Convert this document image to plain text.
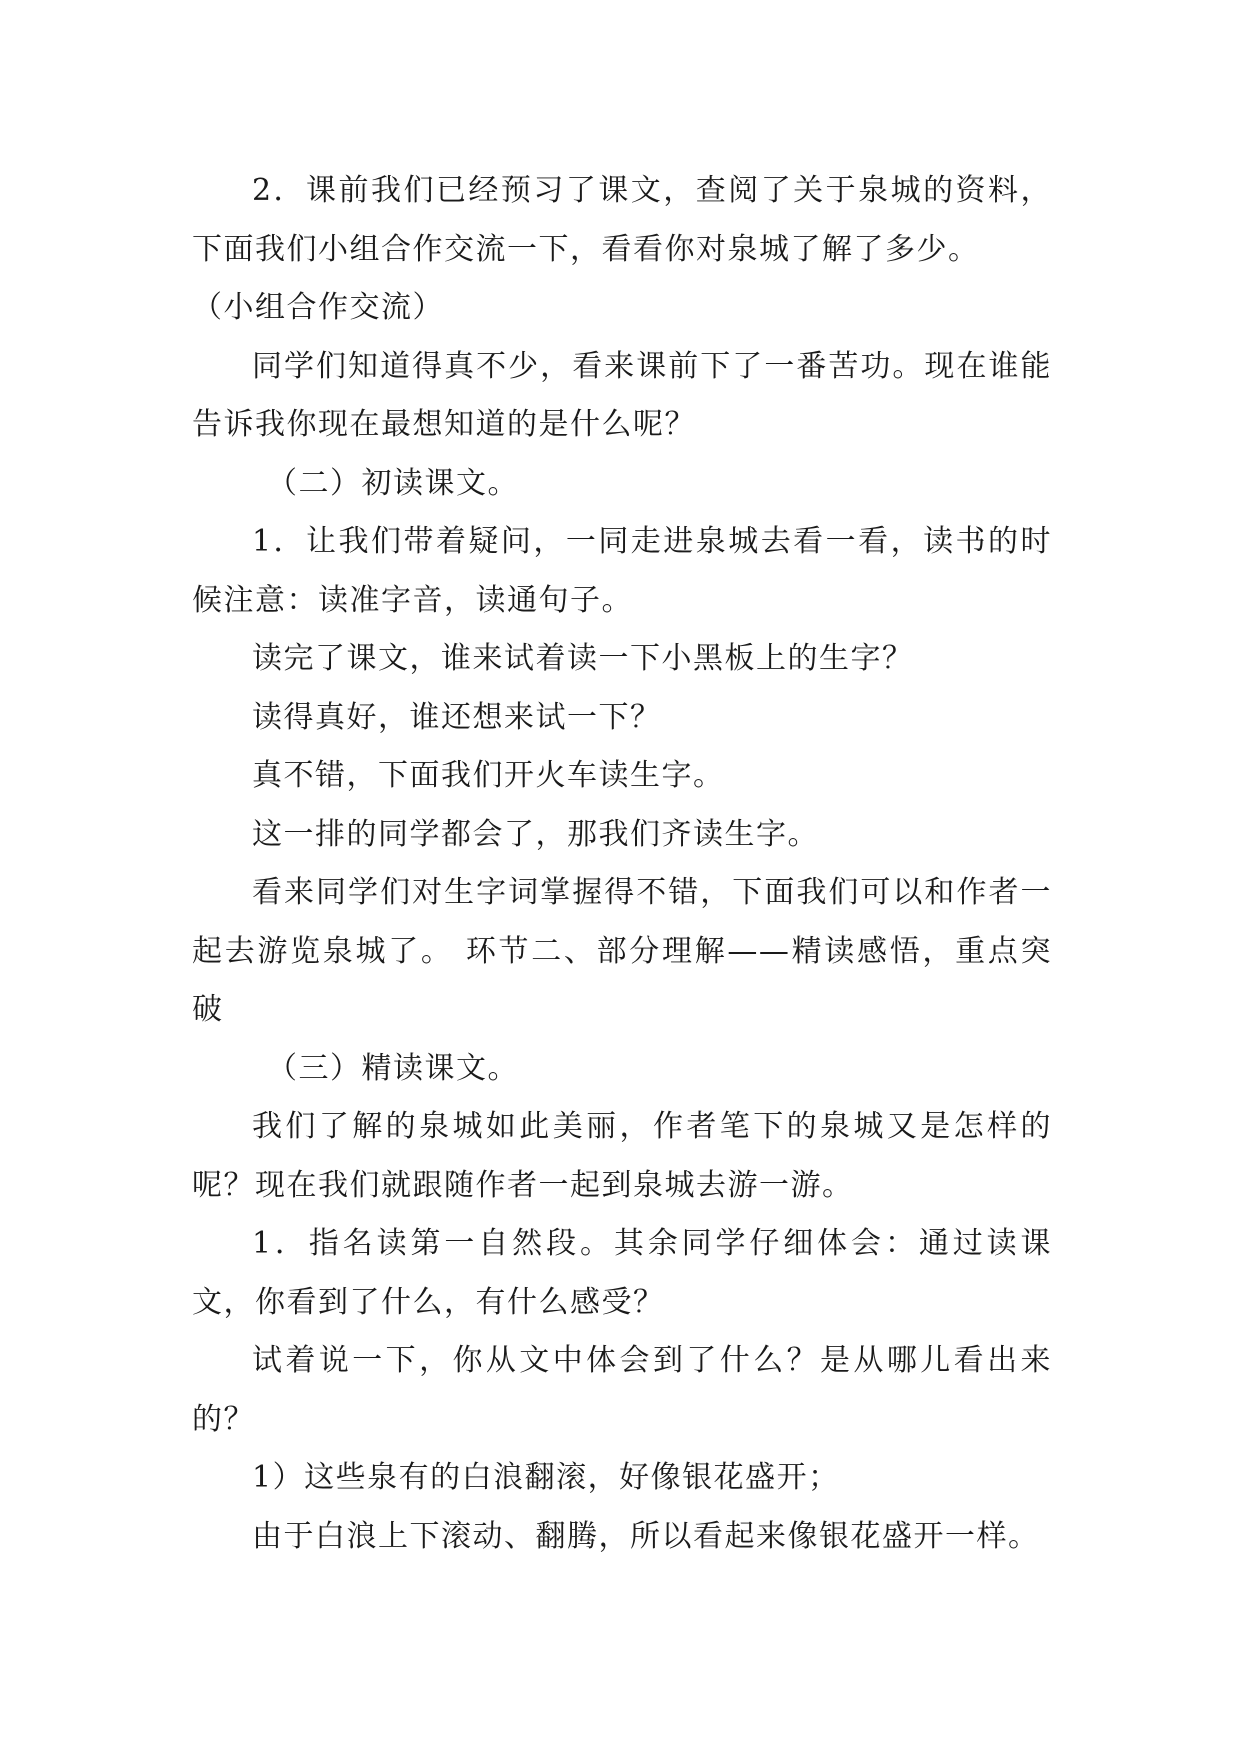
2．课前我们已经预习了课文，查阅了关于泉城的资料，下面我们小组合作交流一下，看看你对泉城了解了多少。

（小组合作交流）

同学们知道得真不少，看来课前下了一番苦功。现在谁能告诉我你现在最想知道的是什么呢？

（二）初读课文。

1．让我们带着疑问，一同走进泉城去看一看，读书的时候注意：读准字音，读通句子。

读完了课文，谁来试着读一下小黑板上的生字？

读得真好，谁还想来试一下？

真不错，下面我们开火车读生字。

这一排的同学都会了，那我们齐读生字。

看来同学们对生字词掌握得不错，下面我们可以和作者一起去游览泉城了。 环节二、部分理解——精读感悟，重点突破

（三）精读课文。

我们了解的泉城如此美丽，作者笔下的泉城又是怎样的呢？现在我们就跟随作者一起到泉城去游一游。

1．指名读第一自然段。其余同学仔细体会：通过读课文，你看到了什么，有什么感受？

试着说一下，你从文中体会到了什么？是从哪儿看出来的？

1）这些泉有的白浪翻滚，好像银花盛开；

由于白浪上下滚动、翻腾，所以看起来像银花盛开一样。
